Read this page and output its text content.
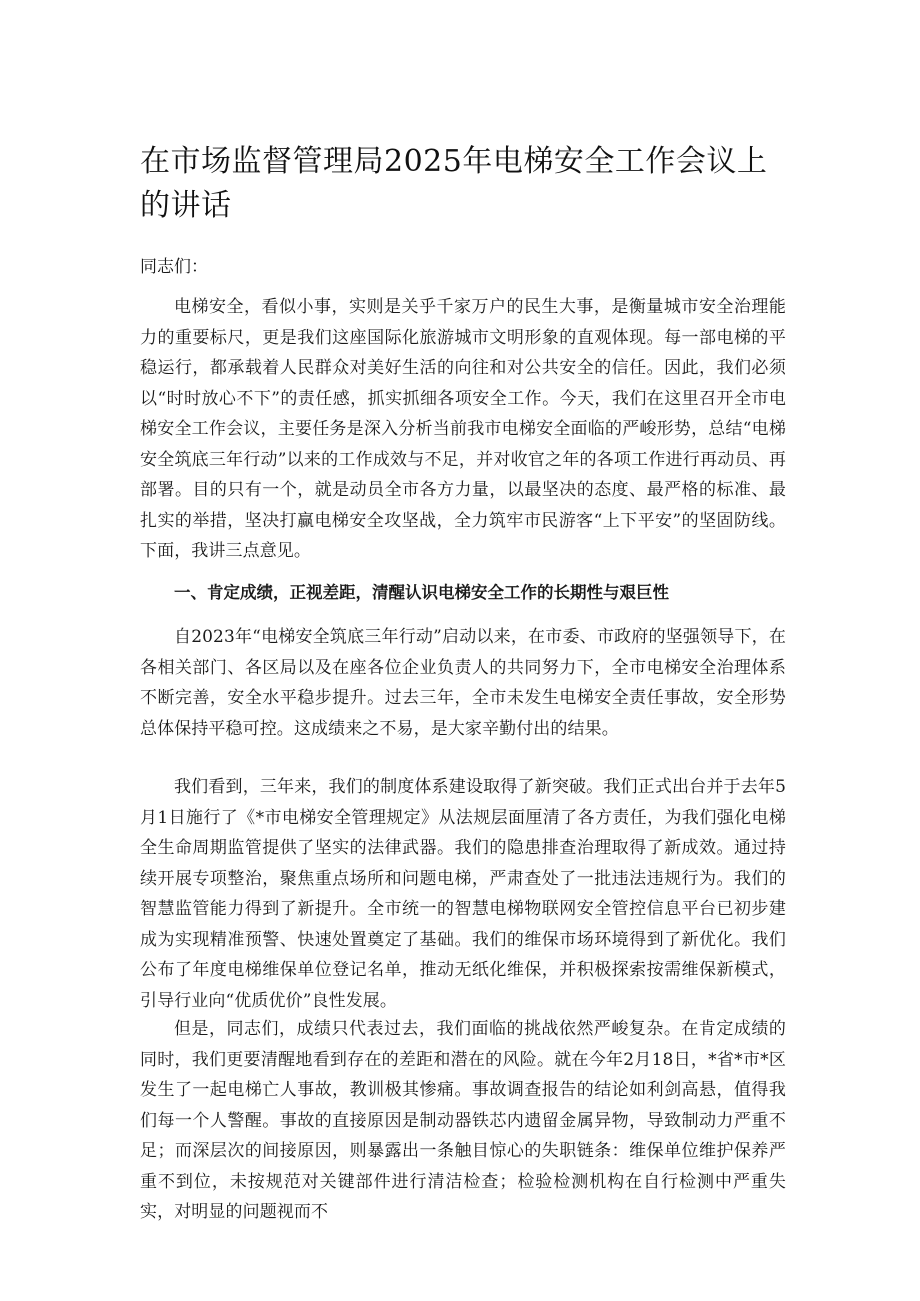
在市场监督管理局2025年电梯安全工作会议上的讲话

同志们：

电梯安全，看似小事，实则是关乎千家万户的民生大事，是衡量城市安全治理能力的重要标尺，更是我们这座国际化旅游城市文明形象的直观体现。每一部电梯的平稳运行，都承载着人民群众对美好生活的向往和对公共安全的信任。因此，我们必须以“时时放心不下”的责任感，抓实抓细各项安全工作。今天，我们在这里召开全市电梯安全工作会议，主要任务是深入分析当前我市电梯安全面临的严峻形势，总结“电梯安全筑底三年行动”以来的工作成效与不足，并对收官之年的各项工作进行再动员、再部署。目的只有一个，就是动员全市各方力量，以最坚决的态度、最严格的标准、最扎实的举措，坚决打赢电梯安全攻坚战，全力筑牢市民游客“上下平安”的坚固防线。下面，我讲三点意见。

一、肯定成绩，正视差距，清醒认识电梯安全工作的长期性与艰巨性

自2023年“电梯安全筑底三年行动”启动以来，在市委、市政府的坚强领导下，在各相关部门、各区局以及在座各位企业负责人的共同努力下，全市电梯安全治理体系不断完善，安全水平稳步提升。过去三年，全市未发生电梯安全责任事故，安全形势总体保持平稳可控。这成绩来之不易，是大家辛勤付出的结果。

我们看到，三年来，我们的制度体系建设取得了新突破。我们正式出台并于去年5月1日施行了《*市电梯安全管理规定》从法规层面厘清了各方责任，为我们强化电梯全生命周期监管提供了坚实的法律武器。我们的隐患排查治理取得了新成效。通过持续开展专项整治，聚焦重点场所和问题电梯，严肃查处了一批违法违规行为。我们的智慧监管能力得到了新提升。全市统一的智慧电梯物联网安全管控信息平台已初步建成为实现精准预警、快速处置奠定了基础。我们的维保市场环境得到了新优化。我们公布了年度电梯维保单位登记名单，推动无纸化维保，并积极探索按需维保新模式，引导行业向“优质优价”良性发展。

但是，同志们，成绩只代表过去，我们面临的挑战依然严峻复杂。在肯定成绩的同时，我们更要清醒地看到存在的差距和潜在的风险。就在今年2月18日，*省*市*区发生了一起电梯亡人事故，教训极其惨痛。事故调查报告的结论如利剑高悬，值得我们每一个人警醒。事故的直接原因是制动器铁芯内遗留金属异物，导致制动力严重不足；而深层次的间接原因，则暴露出一条触目惊心的失职链条：维保单位维护保养严重不到位，未按规范对关键部件进行清洁检查；检验检测机构在自行检测中严重失实，对明显的问题视而不
